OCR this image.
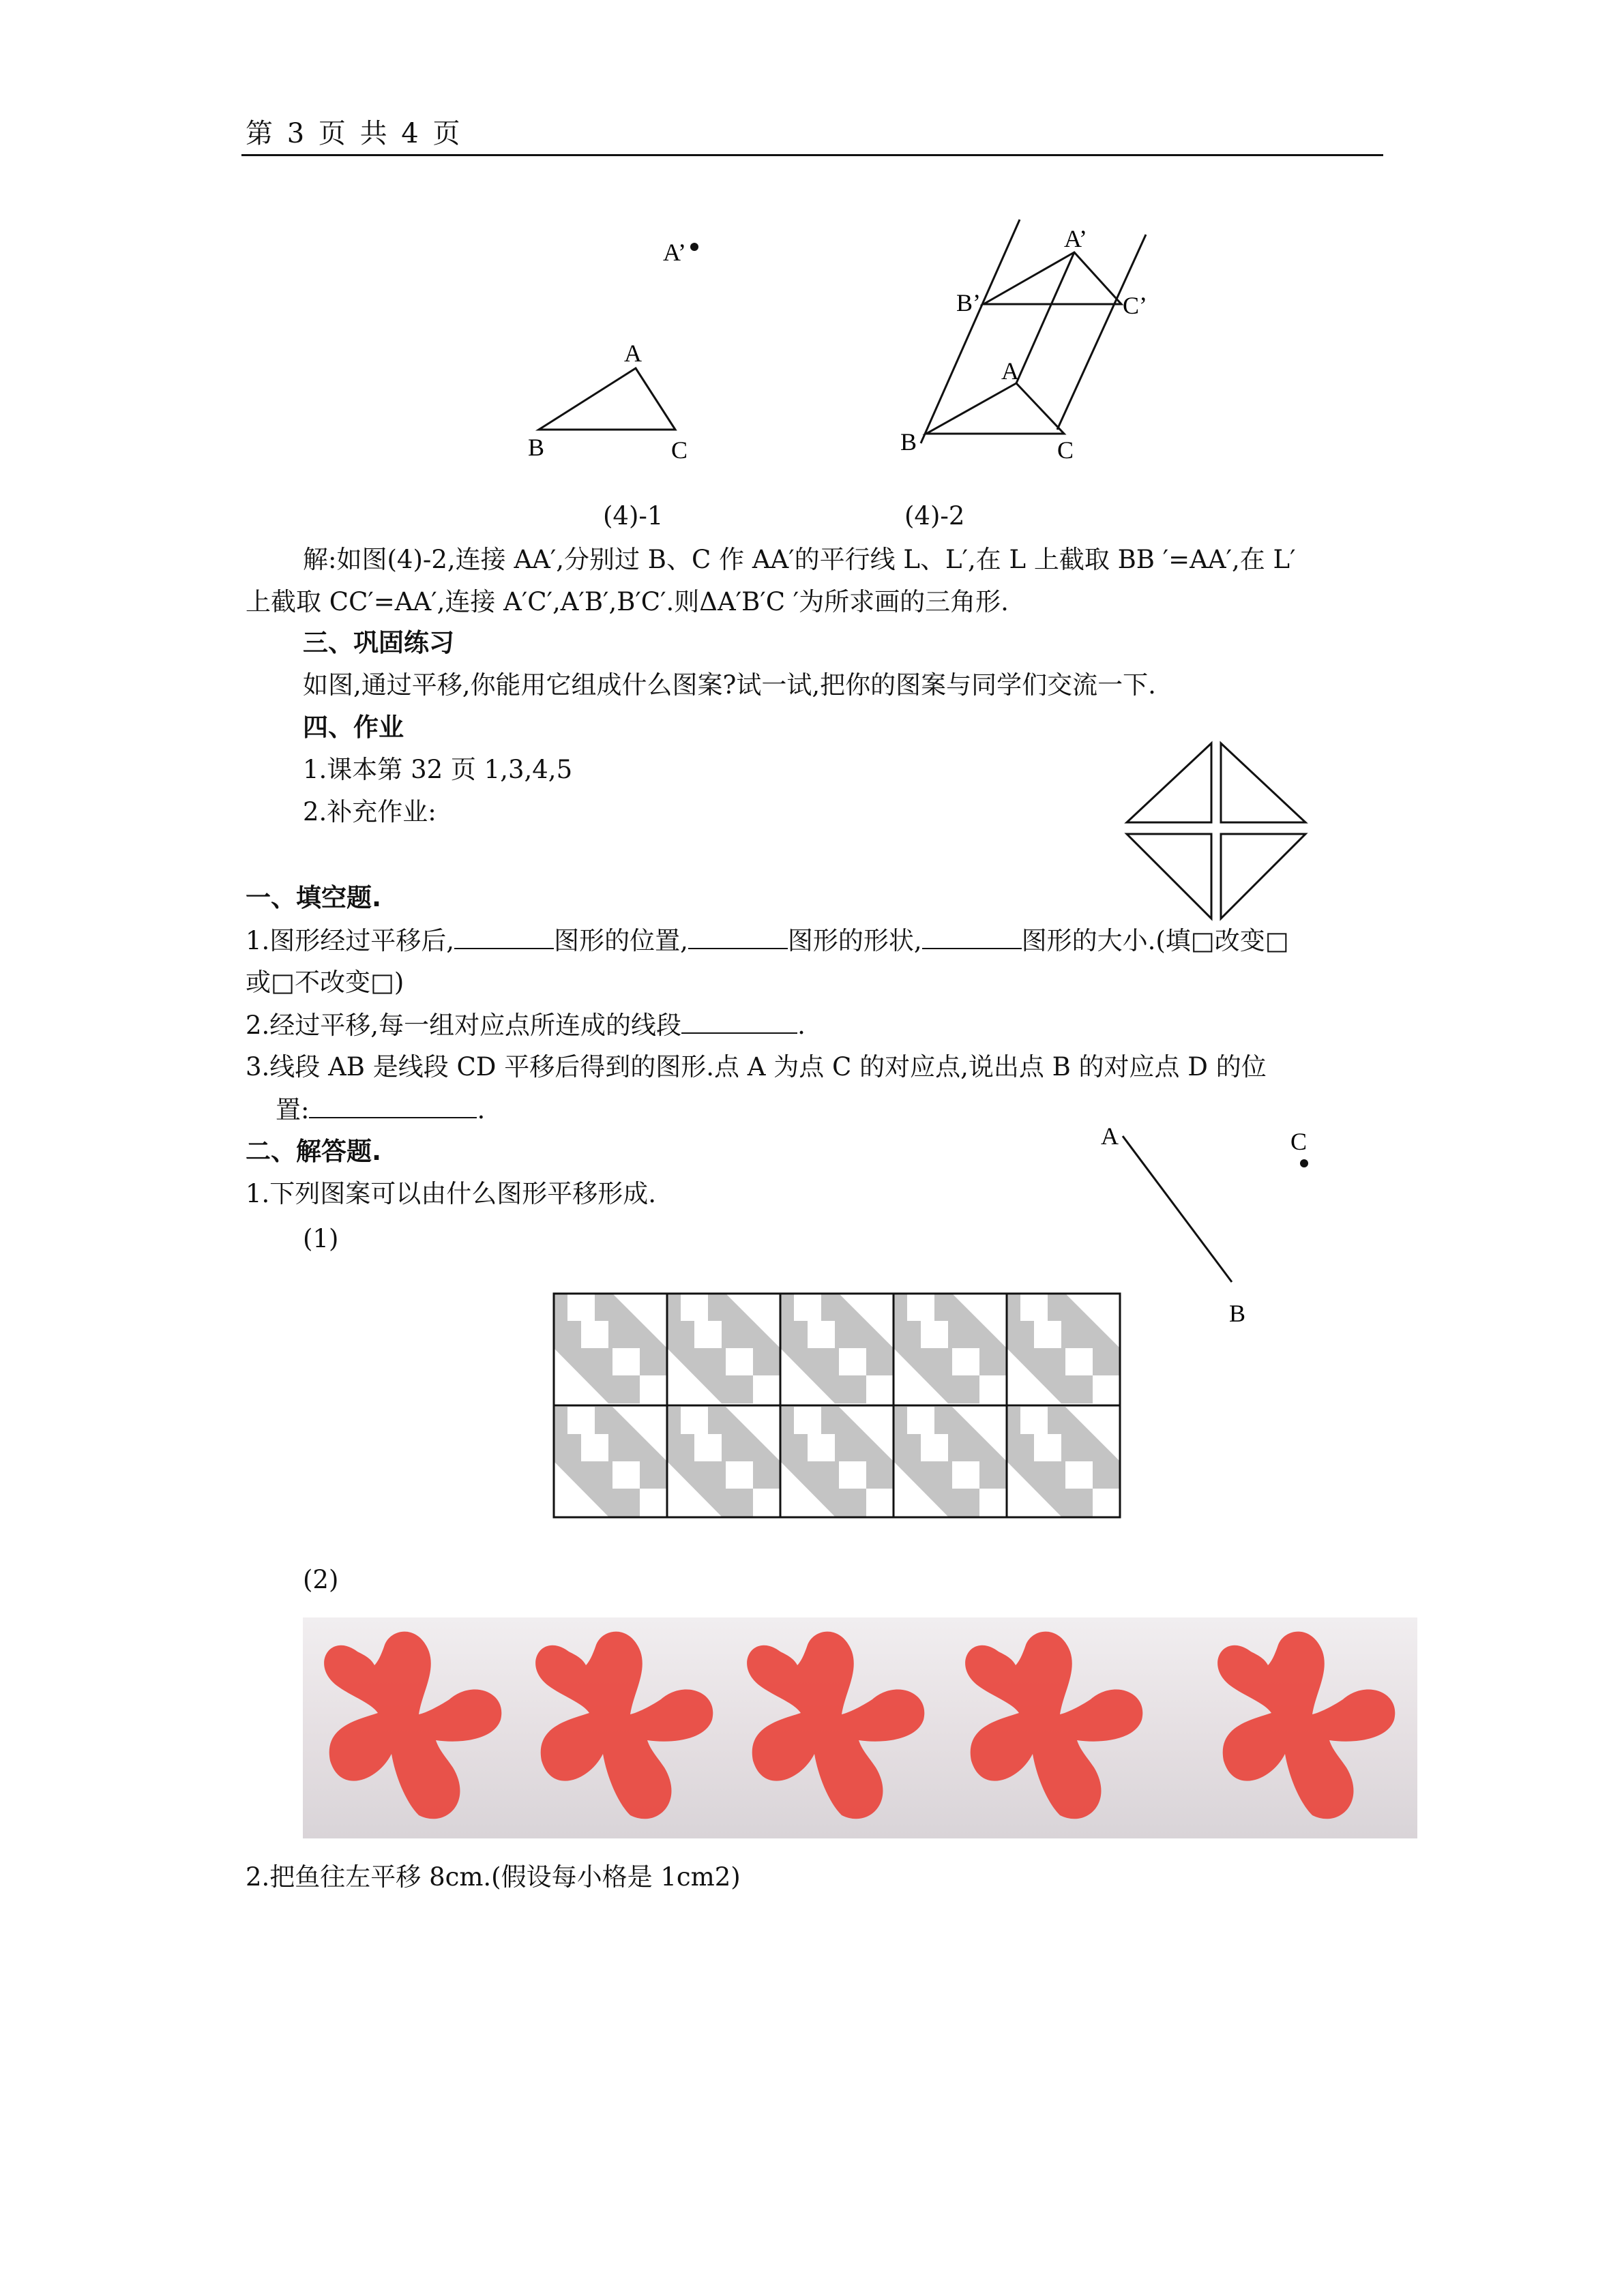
第 3 页 共 4 页
A’
A
B	C
A
B	C
A’
B’	C’
(4)-1	(4)-2
解:如图(4)-2,连接 AA′,分别过 B、C 作 AA′的平行线 L、L′,在 L 上截取 BB ′=AA′,在 L′
上截取 CC′=AA′,连接 A′C′,A′B′,B′C′.则ΔA′B′C ′为所求画的三角形.
三、巩固练习
如图,通过平移,你能用它组成什么图案?试一试,把你的图案与同学们交流一下.
四、作业
1.课本第 32 页 1,3,4,5
2.补充作业:
一、填空题.
1.图形经过平移后,	图形的位置,	图形的形状,	图形的大小.(填□改变□
或□不改变□)
2.经过平移,每一组对应点所连成的线段	.
3.线段 AB 是线段 CD 平移后得到的图形.点 A 为点 C 的对应点,说出点 B 的对应点 D 的位
置:	.
A
B
C
二、解答题.
1.下列图案可以由什么图形平移形成.
(1)
(2)
2.把鱼往左平移 8cm.(假设每小格是 1cm2)
